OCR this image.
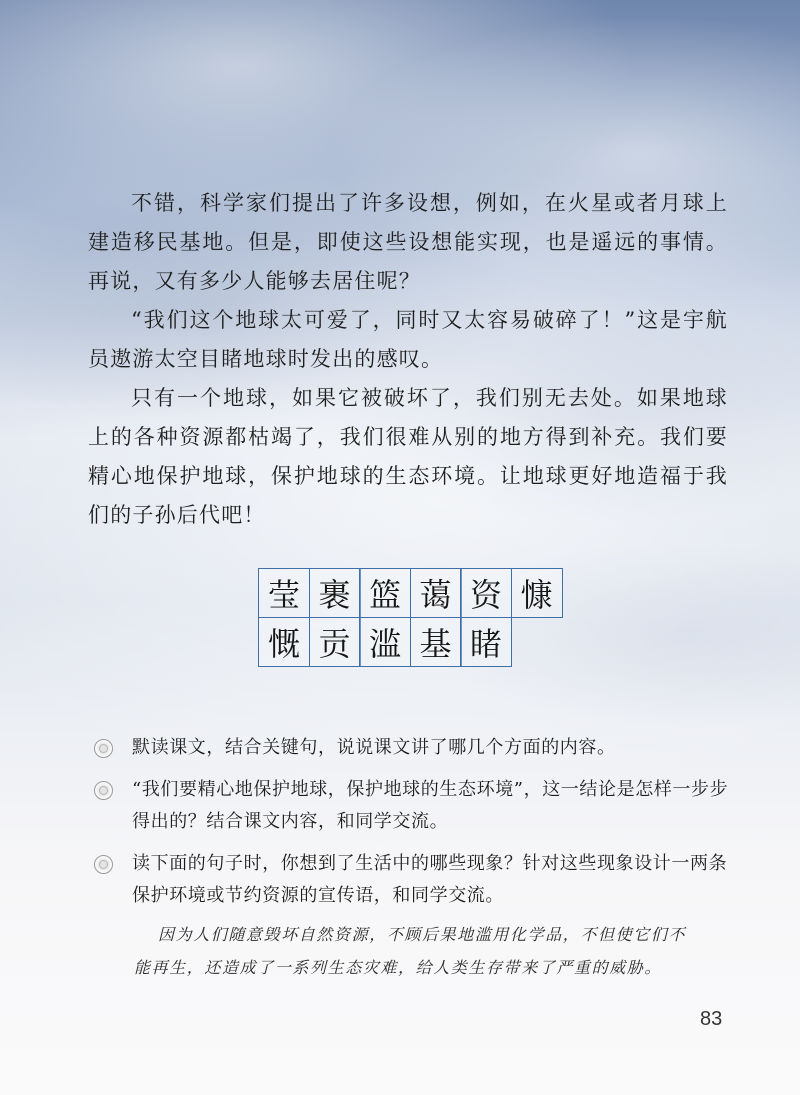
不错，科学家们提出了许多设想，例如，在火星或者月球上建造移民基地。但是，即使这些设想能实现，也是遥远的事情。再说，又有多少人能够去居住呢？

“我们这个地球太可爱了，同时又太容易破碎了！”这是宇航员遨游太空目睹地球时发出的感叹。

只有一个地球，如果它被破坏了，我们别无去处。如果地球上的各种资源都枯竭了，我们很难从别的地方得到补充。我们要精心地保护地球，保护地球的生态环境。让地球更好地造福于我们的子孙后代吧！

莹 裹 篮 蔼 资 慷
慨 贡 滥 基 睹
默读课文，结合关键句，说说课文讲了哪几个方面的内容。
“我们要精心地保护地球，保护地球的生态环境”，这一结论是怎样一步步得出的？结合课文内容，和同学交流。
读下面的句子时，你想到了生活中的哪些现象？针对这些现象设计一两条保护环境或节约资源的宣传语，和同学交流。
因为人们随意毁坏自然资源，不顾后果地滥用化学品，不但使它们不
能再生，还造成了一系列生态灾难，给人类生存带来了严重的威胁。
83
